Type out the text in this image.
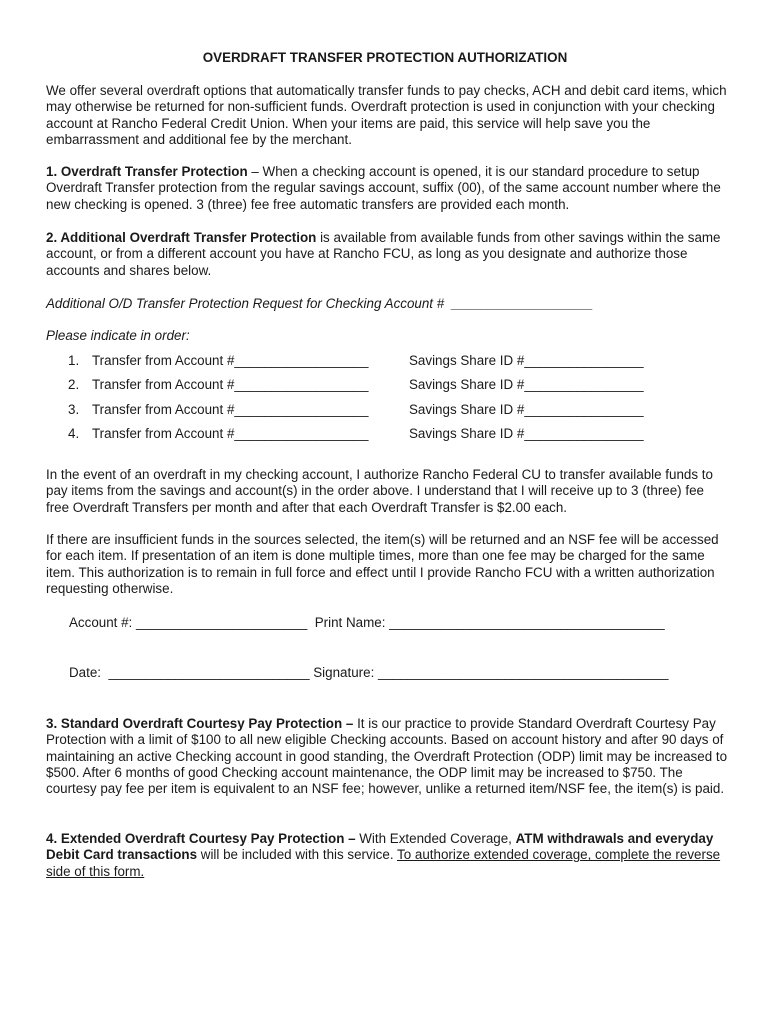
OVERDRAFT TRANSFER PROTECTION AUTHORIZATION

We offer several overdraft options that automatically transfer funds to pay checks, ACH and debit card items, which may otherwise be returned for non-sufficient funds. Overdraft protection is used in conjunction with your checking account at Rancho Federal Credit Union. When your items are paid, this service will help save you the embarrassment and additional fee by the merchant.

1. Overdraft Transfer Protection – When a checking account is opened, it is our standard procedure to setup Overdraft Transfer protection from the regular savings account, suffix (00), of the same account number where the new checking is opened. 3 (three) fee free automatic transfers are provided each month.

2. Additional Overdraft Transfer Protection is available from available funds from other savings within the same account, or from a different account you have at Rancho FCU, as long as you designate and authorize those accounts and shares below.

Additional O/D Transfer Protection Request for Checking Account #  ___________________
Please indicate in order:
1. Transfer from Account #__________________	Savings Share ID #________________
2. Transfer from Account #__________________	Savings Share ID #________________
3. Transfer from Account #__________________	Savings Share ID #________________
4. Transfer from Account #__________________	Savings Share ID #________________

In the event of an overdraft in my checking account, I authorize Rancho Federal CU to transfer available funds to pay items from the savings and account(s) in the order above. I understand that I will receive up to 3 (three) fee free Overdraft Transfers per month and after that each Overdraft Transfer is $2.00 each.

If there are insufficient funds in the sources selected, the item(s) will be returned and an NSF fee will be accessed for each item. If presentation of an item is done multiple times, more than one fee may be charged for the same item. This authorization is to remain in full force and effect until I provide Rancho FCU with a written authorization requesting otherwise.

Account #: _______________________  Print Name: _____________________________________
Date:  ___________________________ Signature: _______________________________________

3. Standard Overdraft Courtesy Pay Protection – It is our practice to provide Standard Overdraft Courtesy Pay Protection with a limit of $100 to all new eligible Checking accounts. Based on account history and after 90 days of maintaining an active Checking account in good standing, the Overdraft Protection (ODP) limit may be increased to $500. After 6 months of good Checking account maintenance, the ODP limit may be increased to $750. The courtesy pay fee per item is equivalent to an NSF fee; however, unlike a returned item/NSF fee, the item(s) is paid.

4. Extended Overdraft Courtesy Pay Protection – With Extended Coverage, ATM withdrawals and everyday Debit Card transactions will be included with this service. To authorize extended coverage, complete the reverse side of this form.
